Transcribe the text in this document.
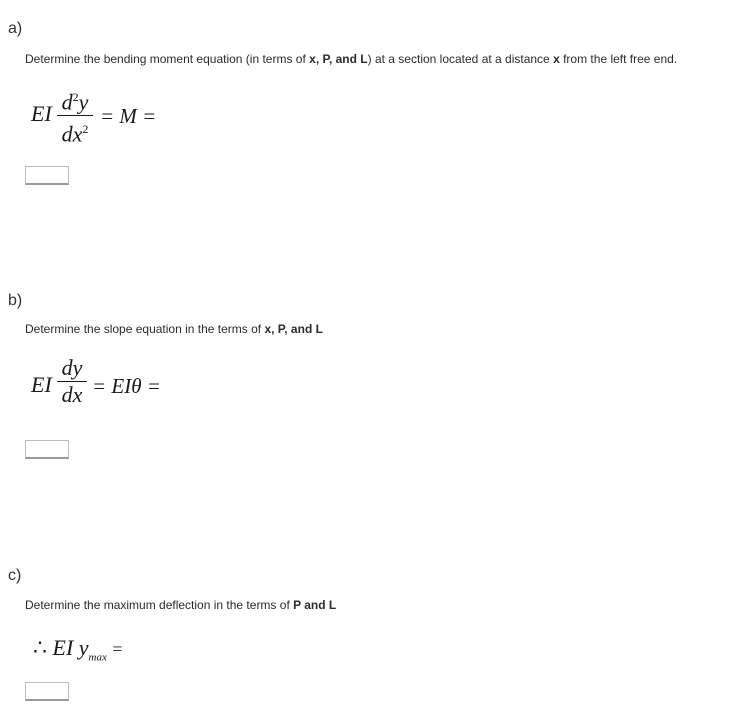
a)
Determine the bending moment equation (in terms of x, P, and L) at a section located at a distance x from the left free end.
EI $d^2y$
$dx^2$
= M =
b)
Determine the slope equation in the terms of x, P, and L
EI
dy
dx = EIθ =
c)
Determine the maximum deflection in the terms of P and L
∴ EI $y_{max}$ =
